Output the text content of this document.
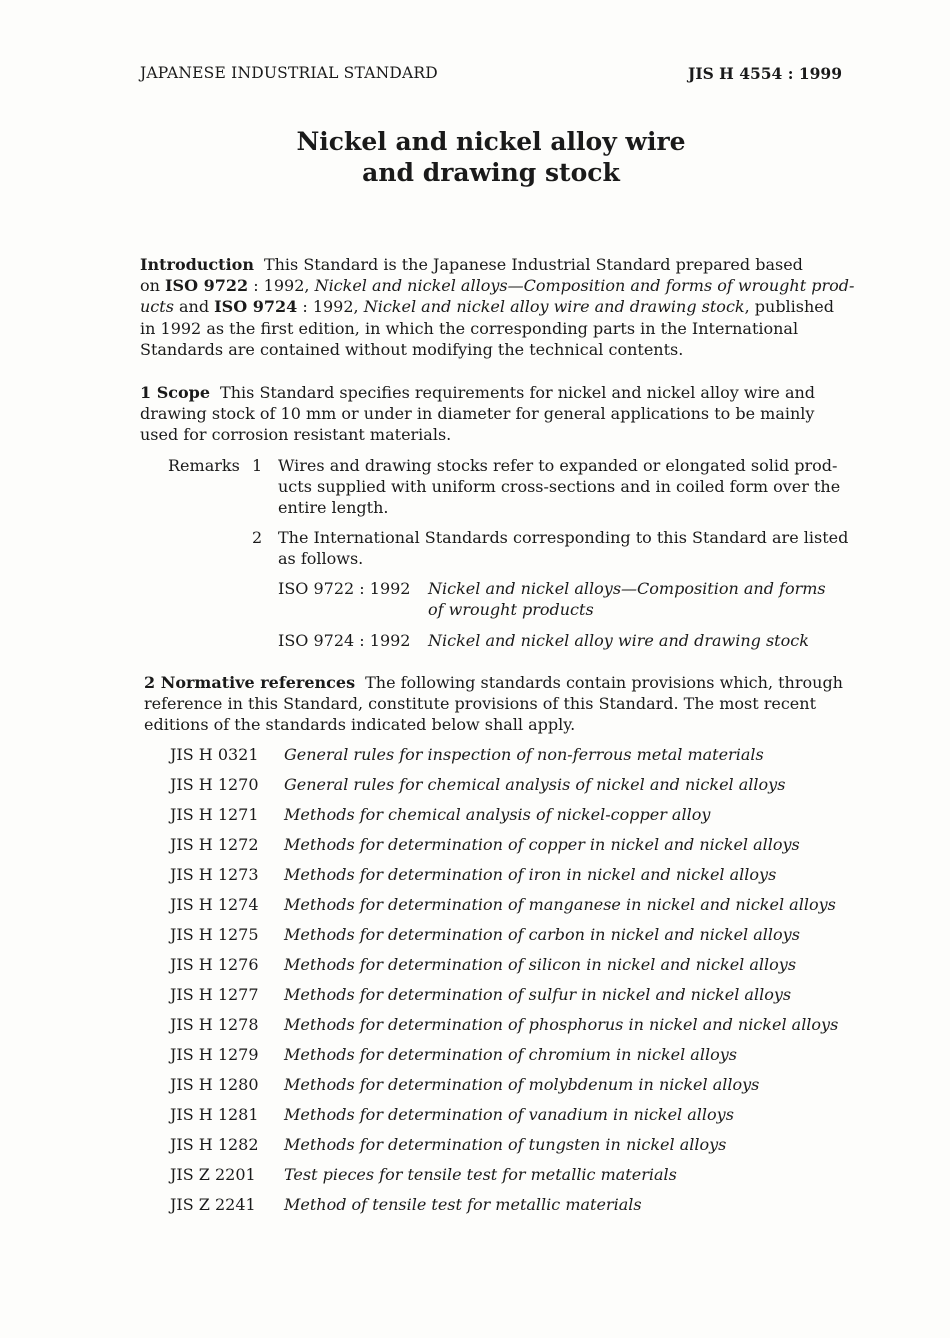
JAPANESE INDUSTRIAL STANDARD	JIS H 4554 : 1999
Nickel and nickel alloy wire
and drawing stock
Introduction This Standard is the Japanese Industrial Standard prepared based
on ISO 9722 : 1992, Nickel and nickel alloys—Composition and forms of wrought prod-
ucts and ISO 9724 : 1992, Nickel and nickel alloy wire and drawing stock, published
in 1992 as the first edition, in which the corresponding parts in the International
Standards are contained without modifying the technical contents.
1 Scope This Standard specifies requirements for nickel and nickel alloy wire and
drawing stock of 10 mm or under in diameter for general applications to be mainly
used for corrosion resistant materials.
Remarks 1 Wires and drawing stocks refer to expanded or elongated solid prod-
ucts supplied with uniform cross-sections and in coiled form over the
entire length.
2 The International Standards corresponding to this Standard are listed
as follows.
ISO 9722 : 1992 Nickel and nickel alloys—Composition and forms
of wrought products
ISO 9724 : 1992 Nickel and nickel alloy wire and drawing stock
2 Normative references The following standards contain provisions which, through
reference in this Standard, constitute provisions of this Standard. The most recent
editions of the standards indicated below shall apply.
JIS H 0321	General rules for inspection of non-ferrous metal materials
JIS H 1270	General rules for chemical analysis of nickel and nickel alloys
JIS H 1271	Methods for chemical analysis of nickel-copper alloy
JIS H 1272	Methods for determination of copper in nickel and nickel alloys
JIS H 1273	Methods for determination of iron in nickel and nickel alloys
JIS H 1274	Methods for determination of manganese in nickel and nickel alloys
JIS H 1275	Methods for determination of carbon in nickel and nickel alloys
JIS H 1276	Methods for determination of silicon in nickel and nickel alloys
JIS H 1277	Methods for determination of sulfur in nickel and nickel alloys
JIS H 1278	Methods for determination of phosphorus in nickel and nickel alloys
JIS H 1279	Methods for determination of chromium in nickel alloys
JIS H 1280	Methods for determination of molybdenum in nickel alloys
JIS H 1281	Methods for determination of vanadium in nickel alloys
JIS H 1282	Methods for determination of tungsten in nickel alloys
JIS Z 2201	Test pieces for tensile test for metallic materials
JIS Z 2241	Method of tensile test for metallic materials
